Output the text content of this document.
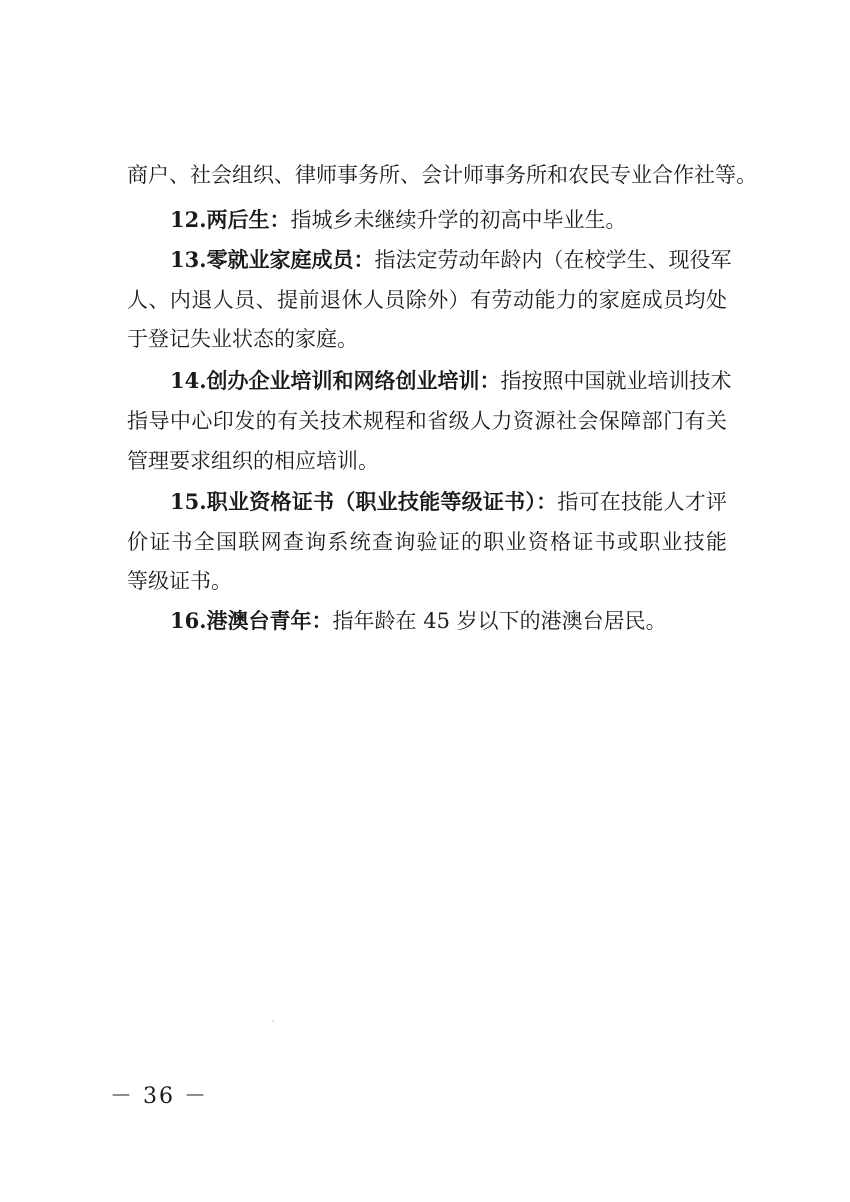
商户、社会组织、律师事务所、会计师事务所和农民专业合作社等。
12.两后生：指城乡未继续升学的初高中毕业生。
13.零就业家庭成员：指法定劳动年龄内（在校学生、现役军
人、内退人员、提前退休人员除外）有劳动能力的家庭成员均处
于登记失业状态的家庭。
14.创办企业培训和网络创业培训：指按照中国就业培训技术
指导中心印发的有关技术规程和省级人力资源社会保障部门有关
管理要求组织的相应培训。
15.职业资格证书（职业技能等级证书）：指可在技能人才评
价证书全国联网查询系统查询验证的职业资格证书或职业技能
等级证书。
16.港澳台青年：指年龄在 45 岁以下的港澳台居民。
－ 36 －
